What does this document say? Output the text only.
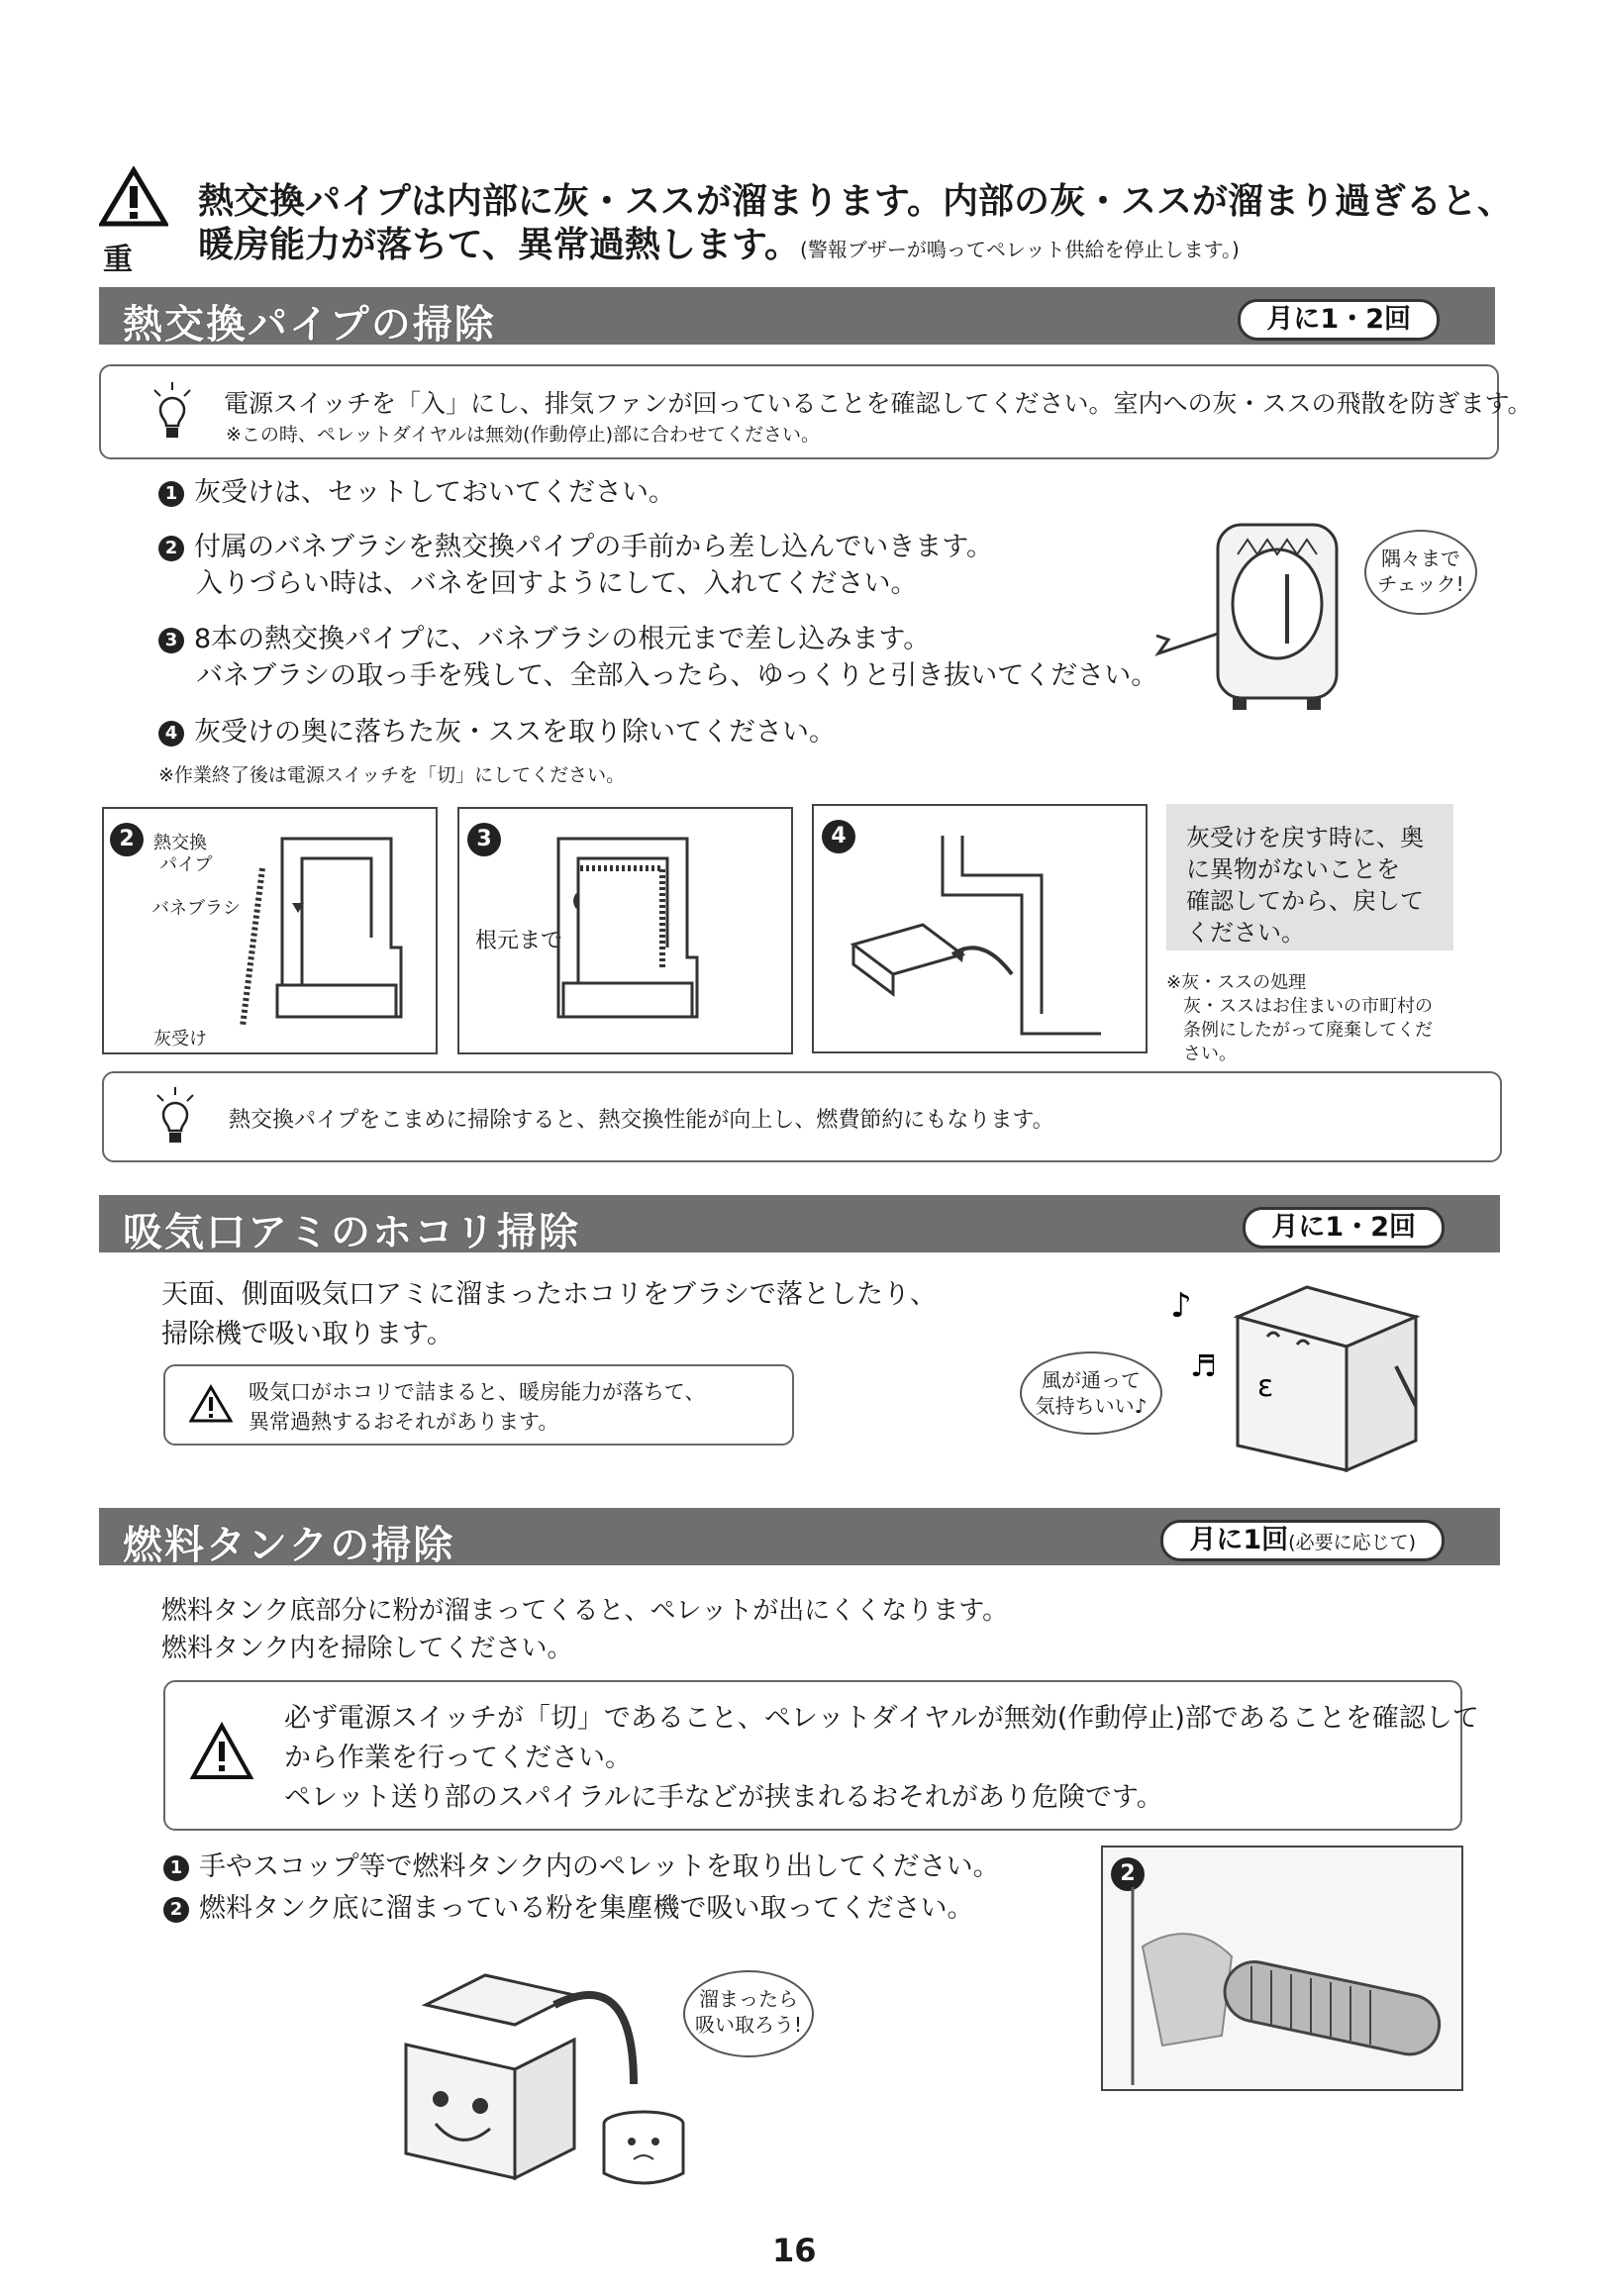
重
熱交換パイプは内部に灰・ススが溜まります。内部の灰・ススが溜まり過ぎると、
暖房能力が落ちて、異常過熱します。(警報ブザーが鳴ってペレット供給を停止します。)
熱交換パイプの掃除	月に1・2回
電源スイッチを「入」にし、排気ファンが回っていることを確認してください。室内への灰・ススの飛散を防ぎます。
※この時、ペレットダイヤルは無効(作動停止)部に合わせてください。
1 灰受けは、セットしておいてください。
2 付属のバネブラシを熱交換パイプの手前から差し込んでいきます。
入りづらい時は、バネを回すようにして、入れてください。
3 8本の熱交換パイプに、バネブラシの根元まで差し込みます。
バネブラシの取っ手を残して、全部入ったら、ゆっくりと引き抜いてください。
4 灰受けの奥に落ちた灰・ススを取り除いてください。
※作業終了後は電源スイッチを「切」にしてください。
隅々まで
チェック!
2	熱交換
パイプ
バネブラシ
灰受け
3
根元まで
4	灰受けを戻す時に、奥
に異物がないことを
確認してから、戻して
ください。
※灰・ススの処理
灰・ススはお住まいの市町村の
条例にしたがって廃棄してくだ
さい。
熱交換パイプをこまめに掃除すると、熱交換性能が向上し、燃費節約にもなります。
吸気口アミのホコリ掃除	月に1・2回
天面、側面吸気口アミに溜まったホコリをブラシで落としたり、
掃除機で吸い取ります。
吸気口がホコリで詰まると、暖房能力が落ちて、
異常過熱するおそれがあります。
♪
♬
ε
風が通って
気持ちいい♪
燃料タンクの掃除	月に1回(必要に応じて)
燃料タンク底部分に粉が溜まってくると、ペレットが出にくくなります。
燃料タンク内を掃除してください。
必ず電源スイッチが「切」であること、ペレットダイヤルが無効(作動停止)部であることを確認して
から作業を行ってください。
ペレット送り部のスパイラルに手などが挟まれるおそれがあり危険です。
1 手やスコップ等で燃料タンク内のペレットを取り出してください。
2 燃料タンク底に溜まっている粉を集塵機で吸い取ってください。
溜まったら
吸い取ろう!
2
16
